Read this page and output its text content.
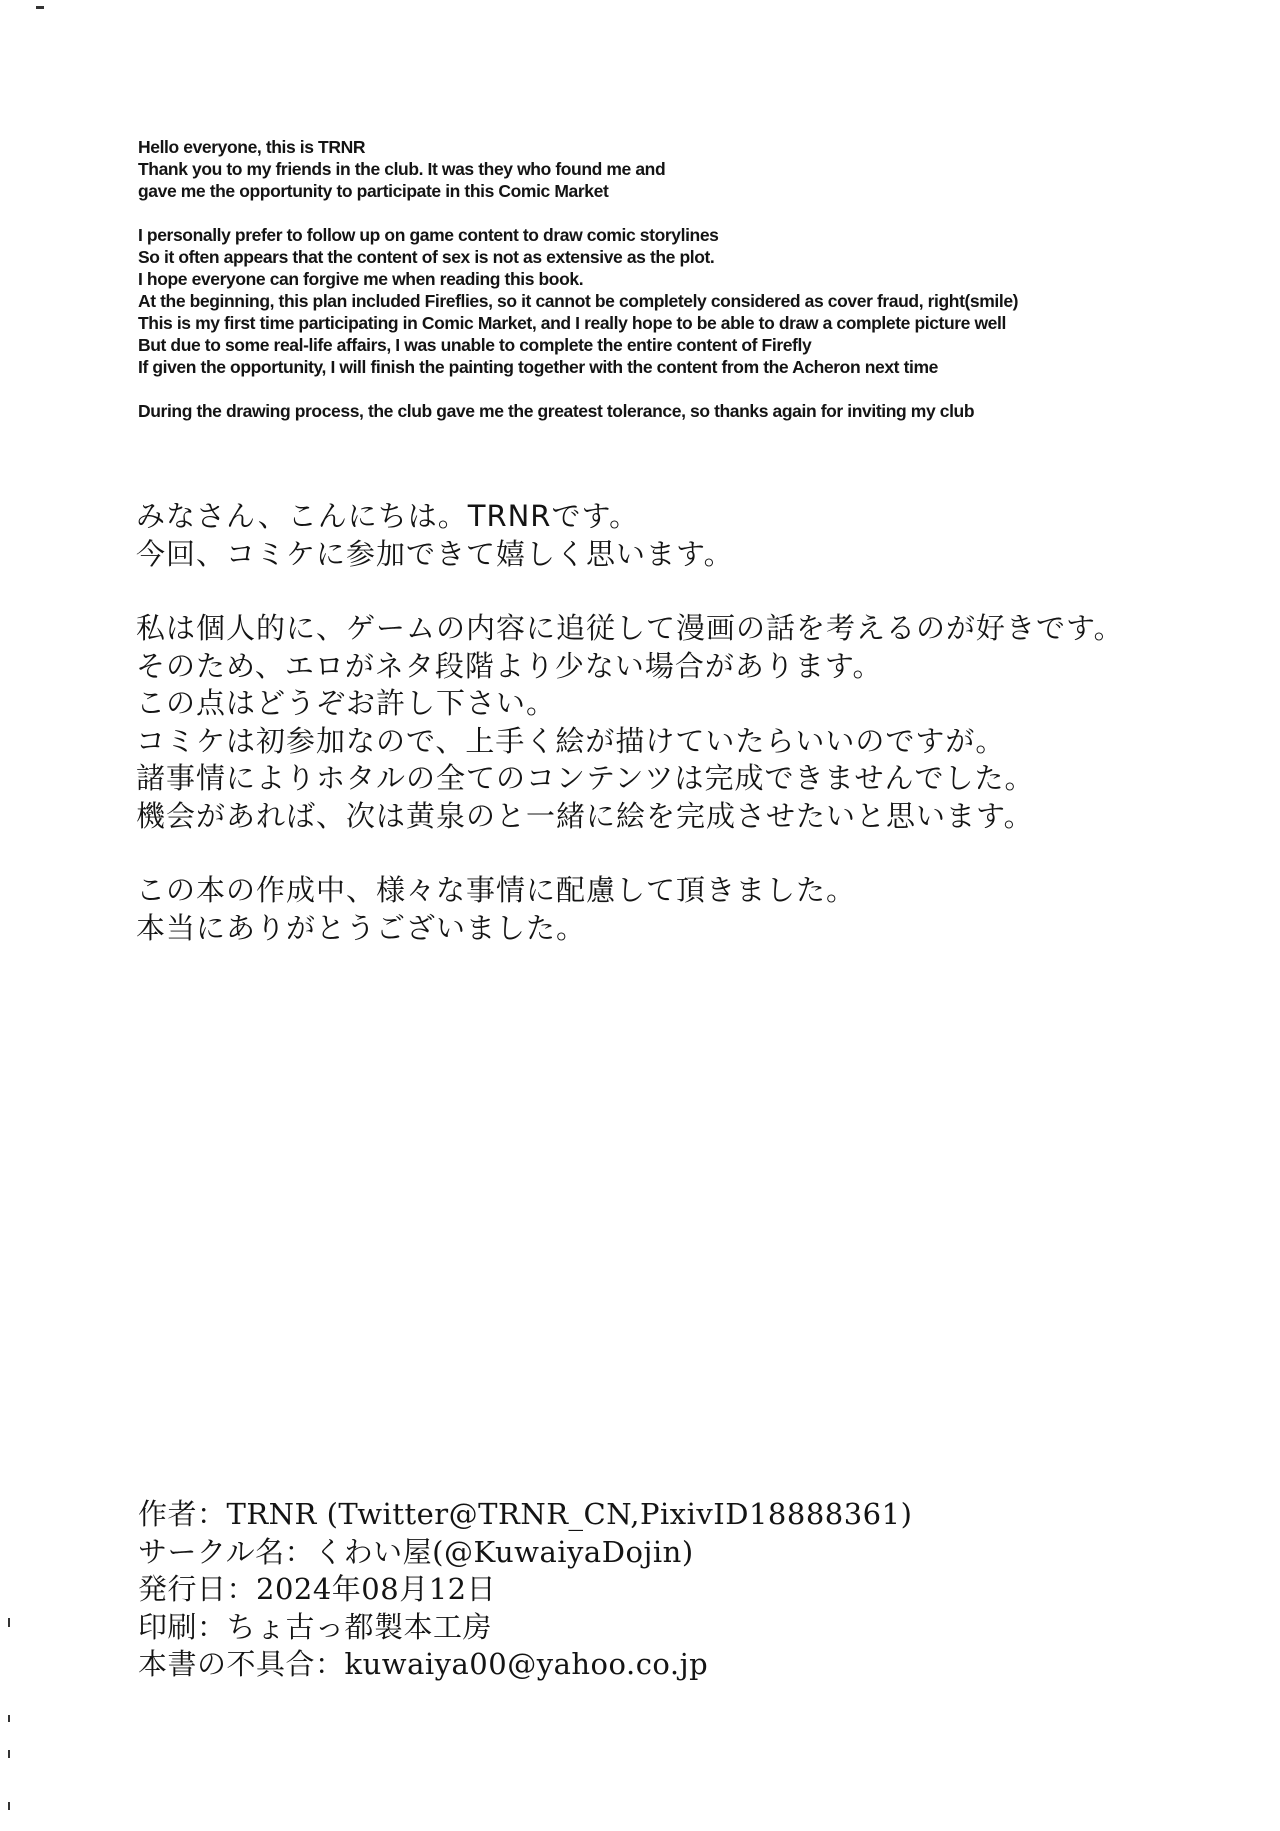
Hello everyone, this is TRNR
Thank you to my friends in the club. It was they who found me and
gave me the opportunity to participate in this Comic Market
I personally prefer to follow up on game content to draw comic storylines
So it often appears that the content of sex is not as extensive as the plot.
I hope everyone can forgive me when reading this book.
At the beginning, this plan included Fireflies, so it cannot be completely considered as cover fraud, right(smile)
This is my first time participating in Comic Market, and I really hope to be able to draw a complete picture well
But due to some real-life affairs, I was unable to complete the entire content of Firefly
If given the opportunity, I will finish the painting together with the content from the Acheron next time
During the drawing process, the club gave me the greatest tolerance, so thanks again for inviting my club
みなさん、こんにちは。TRNRです。
今回、コミケに参加できて嬉しく思います。
私は個人的に、ゲームの内容に追従して漫画の話を考えるのが好きです。
そのため、エロがネタ段階より少ない場合があります。
この点はどうぞお許し下さい。
コミケは初参加なので、上手く絵が描けていたらいいのですが。
諸事情によりホタルの全てのコンテンツは完成できませんでした。
機会があれば、次は黄泉のと一緒に絵を完成させたいと思います。
この本の作成中、様々な事情に配慮して頂きました。
本当にありがとうございました。
作者：TRNR (Twitter@TRNR_CN,PixivID18888361)
サークル名：くわい屋(@KuwaiyaDojin)
発行日：2024年08月12日
印刷：ちょ古っ都製本工房
本書の不具合：kuwaiya00@yahoo.co.jp
